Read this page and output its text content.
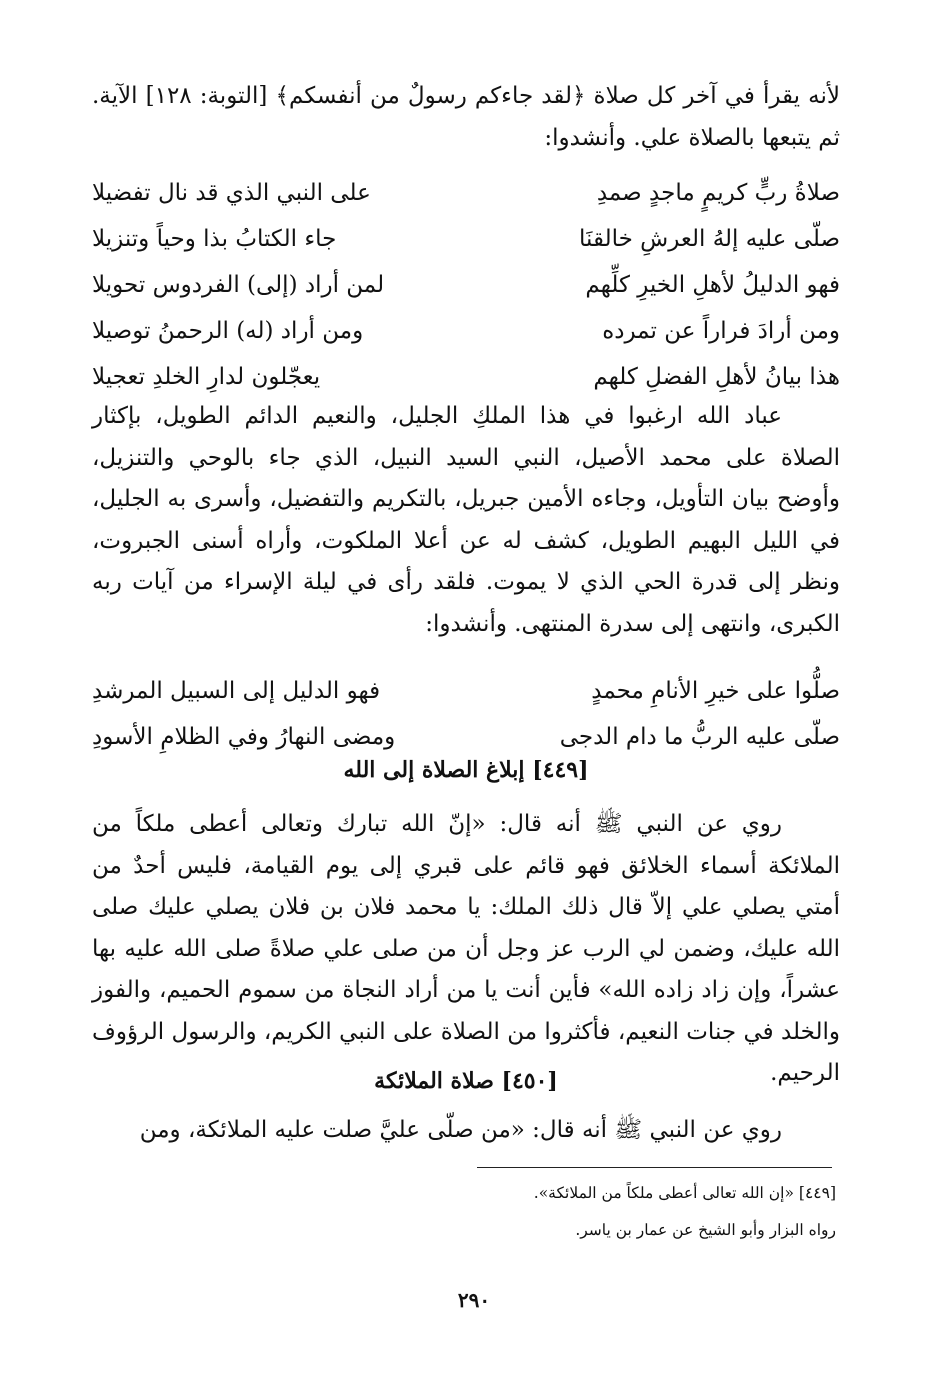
لأنه يقرأ في آخر كل صلاة ﴿لقد جاءكم رسولٌ من أنفسكم﴾ [التوبة: ١٢٨] الآية. ثم يتبعها بالصلاة علي. وأنشدوا:

صلاةُ ربٍّ كريمٍ ماجدٍ صمدِ
على النبي الذي قد نال تفضيلا
صلّى عليه إلهُ العرشِ خالقنَا
جاء الكتابُ بذا وحياً وتنزيلا
فهو الدليلُ لأهلِ الخيرِ كلِّهم
لمن أراد (إلى) الفردوس تحويلا
ومن أرادَ فراراً عن تمرده
ومن أراد (له) الرحمنُ توصيلا
هذا بيانُ لأهلِ الفضلِ كلهم
يعجّلون لدارِ الخلدِ تعجيلا

عباد الله ارغبوا في هذا الملكِ الجليل، والنعيم الدائم الطويل، بإكثار الصلاة على محمد الأصيل، النبي السيد النبيل، الذي جاء بالوحي والتنزيل، وأوضح بيان التأويل، وجاءه الأمين جبريل، بالتكريم والتفضيل، وأسرى به الجليل، في الليل البهيم الطويل، كشف له عن أعلا الملكوت، وأراه أسنى الجبروت، ونظر إلى قدرة الحي الذي لا يموت. فلقد رأى في ليلة الإسراء من آيات ربه الكبرى، وانتهى إلى سدرة المنتهى. وأنشدوا:

صلُّوا على خيرِ الأنامِ محمدٍ
فهو الدليل إلى السبيل المرشدِ
صلّى عليه الربُّ ما دام الدجى
ومضى النهارُ وفي الظلامِ الأسودِ
[٤٤٩] إبلاغ الصلاة إلى الله

روي عن النبي ﷺ أنه قال: «إنّ الله تبارك وتعالى أعطى ملكاً من الملائكة أسماء الخلائق فهو قائم على قبري إلى يوم القيامة، فليس أحدٌ من أمتي يصلي علي إلاّ قال ذلك الملك: يا محمد فلان بن فلان يصلي عليك صلى الله عليك، وضمن لي الرب عز وجل أن من صلى علي صلاةً صلى الله عليه بها عشراً، وإن زاد زاده الله» فأين أنت يا من أراد النجاة من سموم الحميم، والفوز والخلد في جنات النعيم، فأكثروا من الصلاة على النبي الكريم، والرسول الرؤوف الرحيم.

[٤٥٠] صلاة الملائكة

روي عن النبي ﷺ أنه قال: «من صلّى عليَّ صلت عليه الملائكة، ومن

[٤٤٩] «إن الله تعالى أعطى ملكاً من الملائكة».
رواه البزار وأبو الشيخ عن عمار بن ياسر.
٢٩٠
